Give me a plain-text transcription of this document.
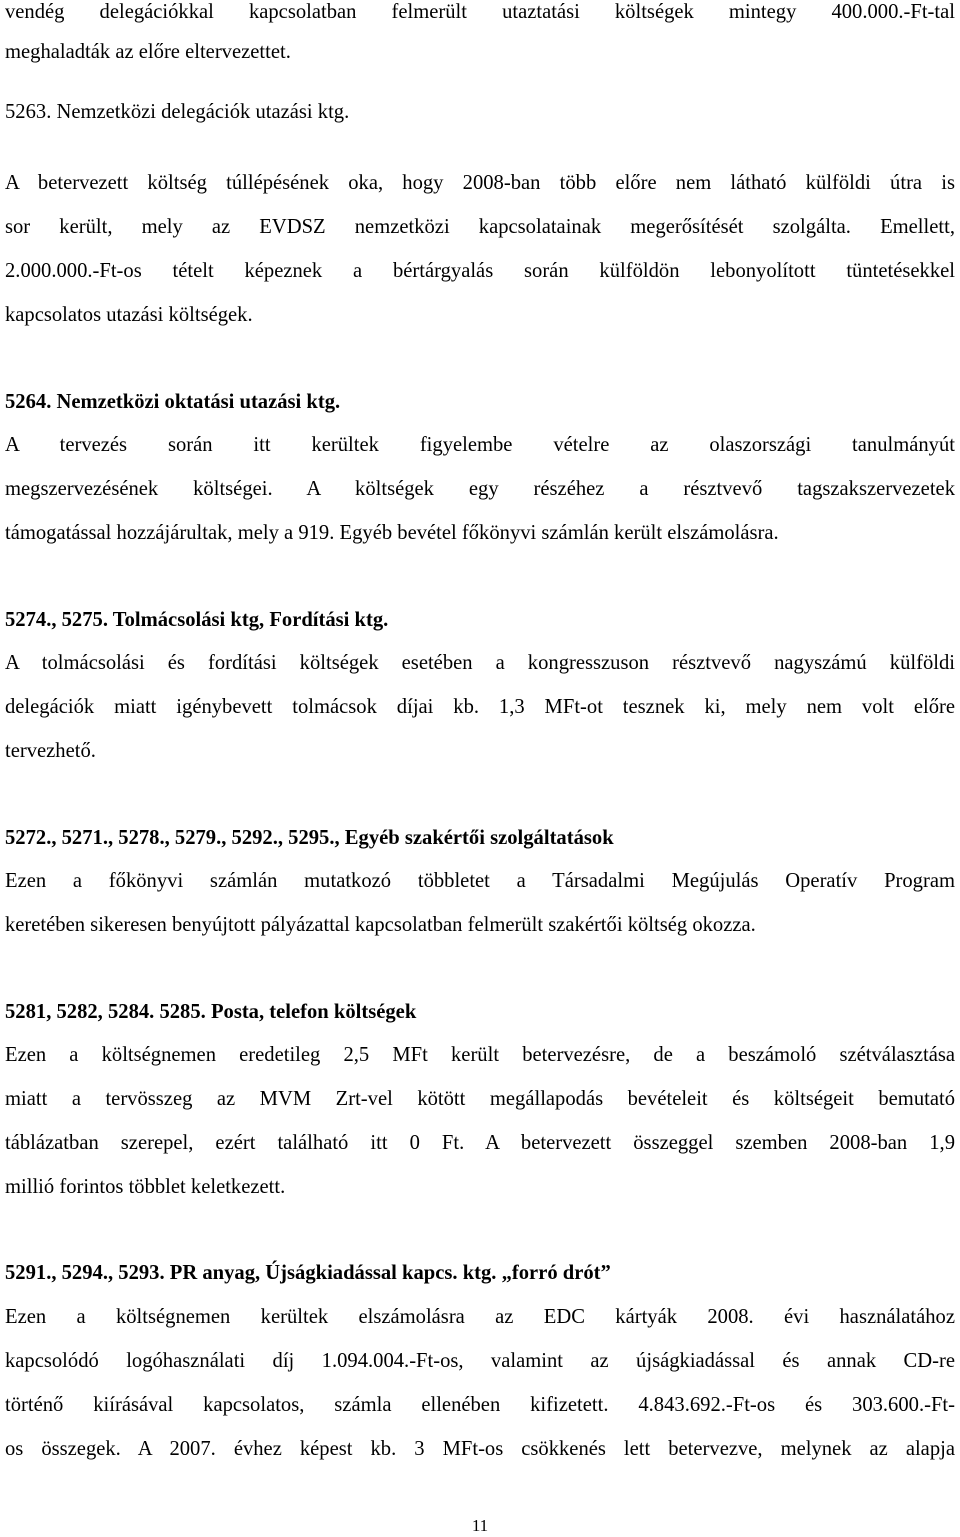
vendég delegációkkal kapcsolatban felmerült utaztatási költségek mintegy 400.000.-Ft-tal
meghaladták az előre eltervezettet.
5263. Nemzetközi delegációk utazási ktg.
A betervezett költség túllépésének oka, hogy 2008-ban több előre nem látható külföldi útra is
sor került, mely az EVDSZ nemzetközi kapcsolatainak megerősítését szolgálta. Emellett,
2.000.000.-Ft-os tételt képeznek a bértárgyalás során külföldön lebonyolított tüntetésekkel
kapcsolatos utazási költségek.
5264. Nemzetközi oktatási utazási ktg.
A tervezés során itt kerültek figyelembe vételre az olaszországi tanulmányút
megszervezésének költségei. A költségek egy részéhez a résztvevő tagszakszervezetek
támogatással hozzájárultak, mely a 919. Egyéb bevétel főkönyvi számlán került elszámolásra.
5274., 5275. Tolmácsolási ktg, Fordítási ktg.
A tolmácsolási és fordítási költségek esetében a kongresszuson résztvevő nagyszámú külföldi
delegációk miatt igénybevett tolmácsok díjai kb. 1,3 MFt-ot tesznek ki, mely nem volt előre
tervezhető.
5272., 5271., 5278., 5279., 5292., 5295., Egyéb szakértői szolgáltatások
Ezen a főkönyvi számlán mutatkozó többletet a Társadalmi Megújulás Operatív Program
keretében sikeresen benyújtott pályázattal kapcsolatban felmerült szakértői költség okozza.
5281, 5282, 5284. 5285. Posta, telefon költségek
Ezen a költségnemen eredetileg 2,5 MFt került betervezésre, de a beszámoló szétválasztása
miatt a tervösszeg az MVM Zrt-vel kötött megállapodás bevételeit és költségeit bemutató
táblázatban szerepel, ezért található itt 0 Ft. A betervezett összeggel szemben 2008-ban 1,9
millió forintos többlet keletkezett.
5291., 5294., 5293. PR anyag, Újságkiadással kapcs. ktg. „forró drót”
Ezen a költségnemen kerültek elszámolásra az EDC kártyák 2008. évi használatához
kapcsolódó logóhasználati díj 1.094.004.-Ft-os, valamint az újságkiadással és annak CD-re
történő kiírásával kapcsolatos, számla ellenében kifizetett. 4.843.692.-Ft-os és 303.600.-Ft-
os összegek. A 2007. évhez képest kb. 3 MFt-os csökkenés lett betervezve, melynek az alapja
11
